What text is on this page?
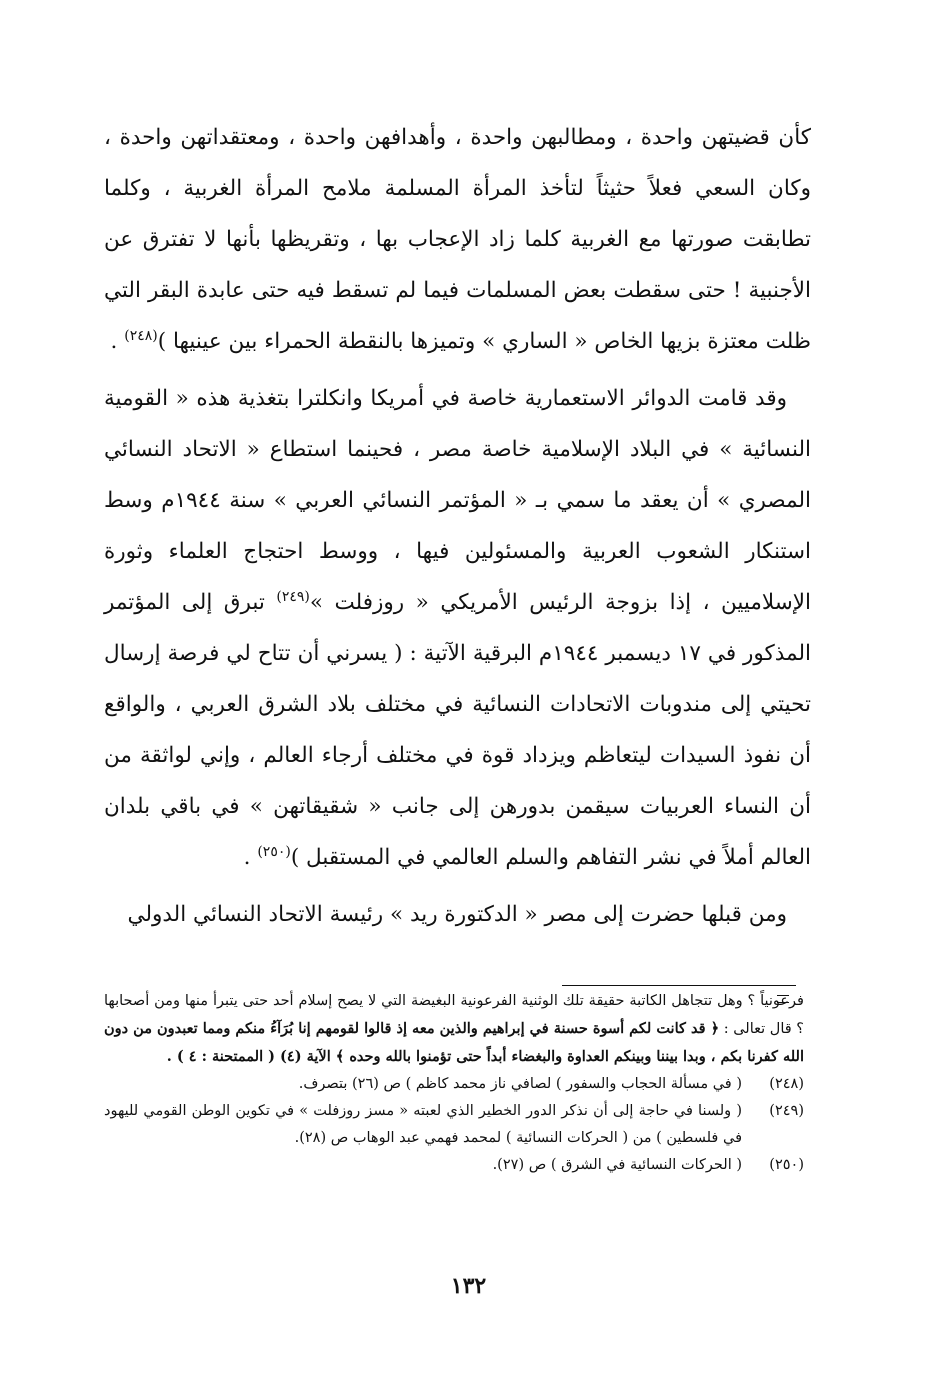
كأن قضيتهن واحدة ، ومطالبهن واحدة ، وأهدافهن واحدة ، ومعتقداتهن واحدة ، وكان السعي فعلاً حثيثاً لتأخذ المرأة المسلمة ملامح المرأة الغربية ، وكلما تطابقت صورتها مع الغربية كلما زاد الإعجاب بها ، وتقريظها بأنها لا تفترق عن الأجنبية ! حتى سقطت بعض المسلمات فيما لم تسقط فيه حتى عابدة البقر التي ظلت معتزة بزيها الخاص « الساري » وتميزها بالنقطة الحمراء بين عينيها )$^{(٢٤٨)}$ .

وقد قامت الدوائر الاستعمارية خاصة في أمريكا وانكلترا بتغذية هذه « القومية النسائية » في البلاد الإسلامية خاصة مصر ، فحينما استطاع « الاتحاد النسائي المصري » أن يعقد ما سمي بـ « المؤتمر النسائي العربي » سنة ١٩٤٤م وسط استنكار الشعوب العربية والمسئولين فيها ، ووسط احتجاج العلماء وثورة الإسلاميين ، إذا بزوجة الرئيس الأمريكي « روزفلت »$^{(٢٤٩)}$ تبرق إلى المؤتمر المذكور في ١٧ ديسمبر ١٩٤٤م البرقية الآتية : ( يسرني أن تتاح لي فرصة إرسال تحيتي إلى مندوبات الاتحادات النسائية في مختلف بلاد الشرق العربي ، والواقع أن نفوذ السيدات ليتعاظم ويزداد قوة في مختلف أرجاء العالم ، وإني لواثقة من أن النساء العربيات سيقمن بدورهن إلى جانب « شقيقاتهن » في باقي بلدان العالم أملاً في نشر التفاهم والسلم العالمي في المستقبل )$^{(٢٥٠)}$ .

ومن قبلها حضرت إلى مصر « الدكتورة ريد » رئيسة الاتحاد النسائي الدولي

فرعونياً ؟ وهل تتجاهل الكاتبة حقيقة تلك الوثنية الفرعونية البغيضة التي لا يصح إسلام أحد حتى يتبرأ منها ومن أصحابها ؟ قال تعالى : ﴿ قد كانت لكم أسوة حسنة في إبراهيم والذين معه إذ قالوا لقومهم إنا بُرَآءُ منكم ومما تعبدون من دون الله كفرنا بكم ، وبدا بيننا وبينكم العداوة والبغضاء أبداً حتى تؤمنوا بالله وحده ﴾ الآية (٤) ( الممتحنة : ٤ ) .

(٢٤٨)
( في مسألة الحجاب والسفور ) لصافي ناز محمد كاظم ) ص (٢٦) بتصرف.
(٢٤٩)
( ولسنا في حاجة إلى أن نذكر الدور الخطير الذي لعبته « مسز روزفلت » في تكوين الوطن القومي لليهود في فلسطين ) من ( الحركات النسائية ) لمحمد فهمي عبد الوهاب ص (٢٨).
(٢٥٠)
( الحركات النسائية في الشرق ) ص (٢٧).
١٣٢
